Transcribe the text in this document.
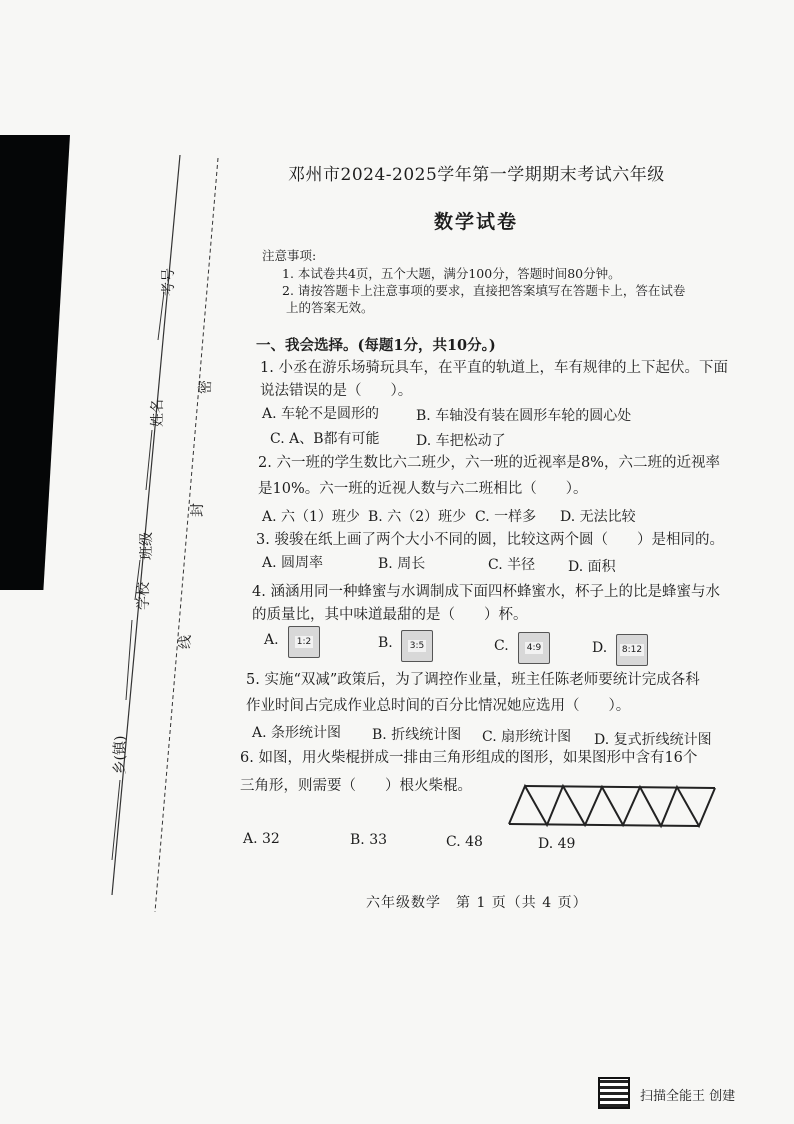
考号
姓名
班级
学校
乡(镇)
密
封
线
邓州市2024-2025学年第一学期期末考试六年级
数学试卷
注意事项:
1. 本试卷共4页，五个大题，满分100分，答题时间80分钟。
2. 请按答题卡上注意事项的要求，直接把答案填写在答题卡上，答在试卷
上的答案无效。
一、我会选择。(每题1分，共10分。)
1. 小丞在游乐场骑玩具车，在平直的轨道上，车有规律的上下起伏。下面
说法错误的是（　　）。
A. 车轮不是圆形的	B. 车轴没有装在圆形车轮的圆心处
C. A、B都有可能	D. 车把松动了
2. 六一班的学生数比六二班少，六一班的近视率是8%，六二班的近视率
是10%。六一班的近视人数与六二班相比（　　）。
A. 六（1）班少 B. 六（2）班少 C. 一样多 D. 无法比较
3. 骏骏在纸上画了两个大小不同的圆，比较这两个圆（　　）是相同的。
A. 圆周率	B. 周长	C. 半径 D. 面积
4. 涵涵用同一种蜂蜜与水调制成下面四杯蜂蜜水，杯子上的比是蜂蜜与水
的质量比，其中味道最甜的是（　　）杯。
A. 1:2	B. 3:5	C. 4:9	D. 8:12
5. 实施“双减”政策后，为了调控作业量，班主任陈老师要统计完成各科
作业时间占完成作业总时间的百分比情况她应选用（　　）。
A. 条形统计图 B. 折线统计图 C. 扇形统计图 D. 复式折线统计图
6. 如图，用火柴棍拼成一排由三角形组成的图形，如果图形中含有16个
三角形，则需要（　　）根火柴棍。
A. 32	B. 33	C. 48	D. 49
六年级数学　第 1 页（共 4 页）
扫描全能王 创建
